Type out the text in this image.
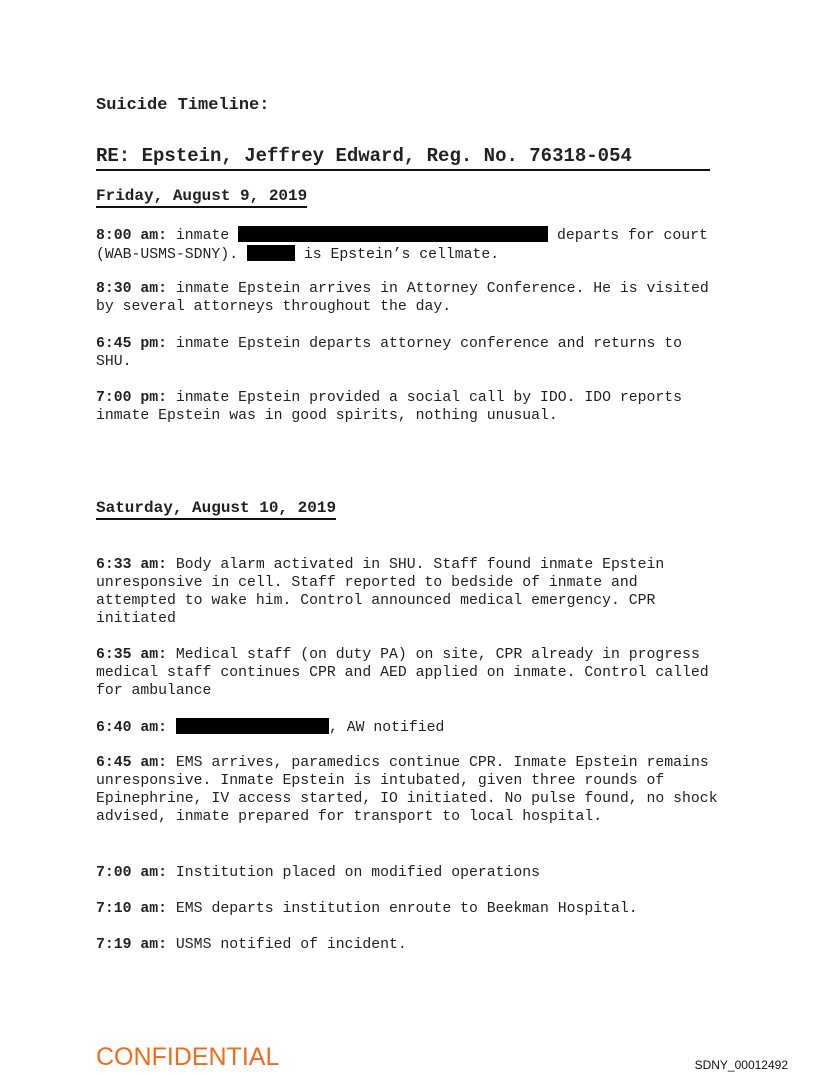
Suicide Timeline:

RE: Epstein, Jeffrey Edward, Reg. No. 76318-054

Friday, August 9, 2019

8:00 am: inmate	departs for court (WAB-USMS-SDNY).	is Epstein’s cellmate.

8:30 am: inmate Epstein arrives in Attorney Conference. He is visited by several attorneys throughout the day.

6:45 pm: inmate Epstein departs attorney conference and returns to SHU.

7:00 pm: inmate Epstein provided a social call by IDO. IDO reports inmate Epstein was in good spirits, nothing unusual.

Saturday, August 10, 2019

6:33 am: Body alarm activated in SHU. Staff found inmate Epstein unresponsive in cell. Staff reported to bedside of inmate and attempted to wake him. Control announced medical emergency. CPR initiated

6:35 am: Medical staff (on duty PA) on site, CPR already in progress medical staff continues CPR and AED applied on inmate. Control called for ambulance

6:40 am:	, AW notified

6:45 am: EMS arrives, paramedics continue CPR. Inmate Epstein remains unresponsive. Inmate Epstein is intubated, given three rounds of Epinephrine, IV access started, IO initiated. No pulse found, no shock advised, inmate prepared for transport to local hospital.

7:00 am: Institution placed on modified operations

7:10 am: EMS departs institution enroute to Beekman Hospital.

7:19 am: USMS notified of incident.

CONFIDENTIAL	SDNY_00012492
